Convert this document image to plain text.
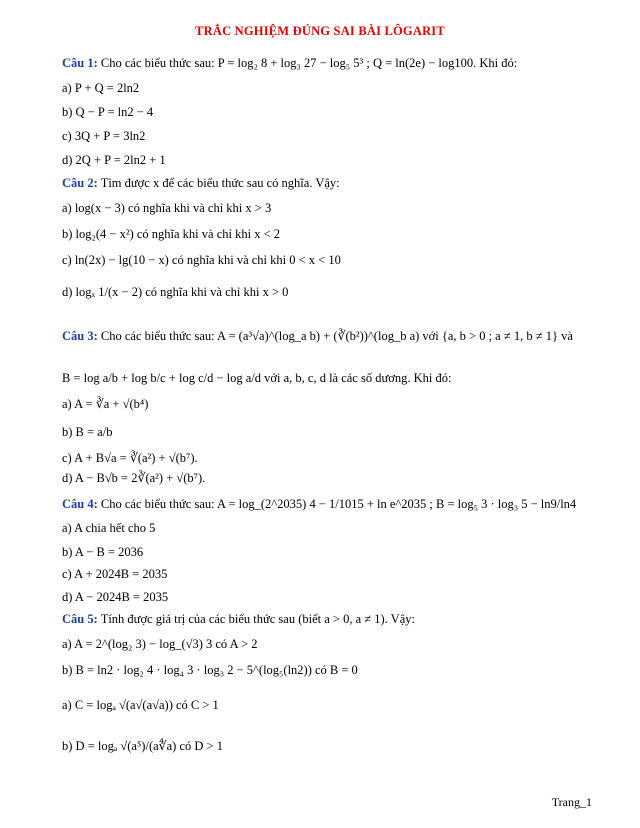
TRẮC NGHIỆM ĐÚNG SAI BÀI LÔGARIT
Câu 1: Cho các biểu thức sau: P = log₂ 8 + log₃ 27 − log₅ 5³ ; Q = ln(2e) − log100. Khi đó:
a) P + Q = 2ln2
b) Q − P = ln2 − 4
c) 3Q + P = 3ln2
d) 2Q + P = 2ln2 + 1
Câu 2: Tìm được x để các biểu thức sau có nghĩa. Vậy:
a) log(x − 3) có nghĩa khi và chỉ khi x > 3
b) log₂(4 − x²) có nghĩa khi và chỉ khi x < 2
c) ln(2x) − lg(10 − x) có nghĩa khi và chỉ khi 0 < x < 10
d) logₓ 1/(x − 2) có nghĩa khi và chỉ khi x > 0
Câu 3: Cho các biểu thức sau: A = (a³√a)^(log_a b) + (∛(b²))^(log_b a) với {a, b > 0 ; a ≠ 1, b ≠ 1} và
B = log a/b + log b/c + log c/d − log a/d với a, b, c, d là các số dương. Khi đó:
a) A = ∛a + √(b⁴)
b) B = a/b
c) A + B√a = ∛(a²) + √(b⁷).
d) A − B√b = 2∛(a²) + √(b⁷).
Câu 4: Cho các biểu thức sau: A = log_(2^2035) 4 − 1/1015 + ln e^2035 ; B = log₅ 3 · log₃ 5 − ln9/ln4
a) A chia hết cho 5
b) A − B = 2036
c) A + 2024B = 2035
d) A − 2024B = 2035
Câu 5: Tính được giá trị của các biểu thức sau (biết a > 0, a ≠ 1). Vậy:
a) A = 2^(log₂ 3) − log_(√3) 3 có A > 2
b) B = ln2 · log₂ 4 · log₄ 3 · log₃ 2 − 5^(log₅(ln2)) có B = 0
a) C = logₐ √(a√(a√a)) có C > 1
b) D = logₐ √(a⁵)/(a∜a) có D > 1
Trang_1
